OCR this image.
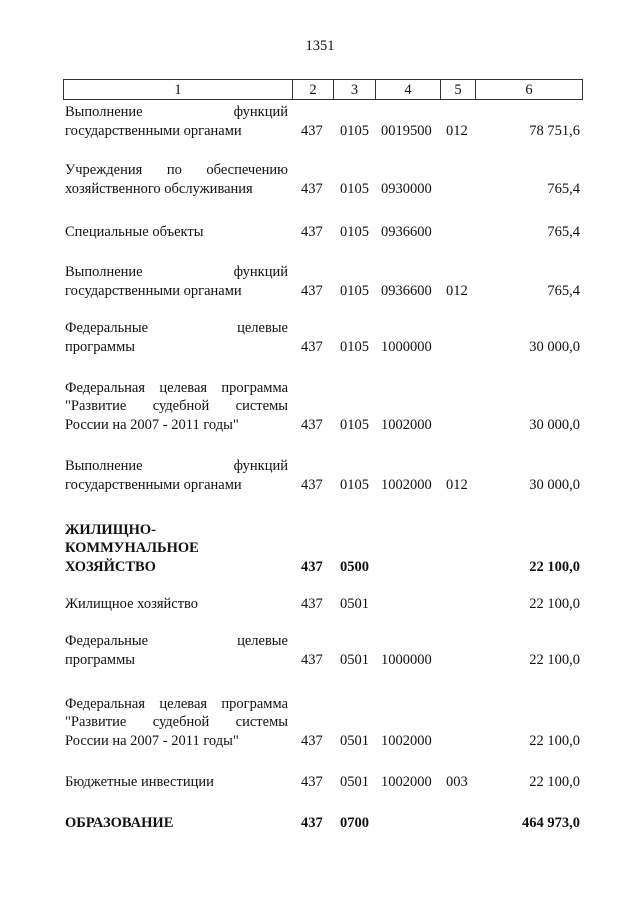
1351
1	2	3	4	5	6
Выполнение функций
государственными органами	437 0105 0019500 012	78 751,6
Учреждения по обеспечению
хозяйственного обслуживания	437 0105 0930000	765,4
Специальные объекты	437 0105 0936600	765,4
Выполнение функций
государственными органами	437 0105 0936600 012	765,4
Федеральные целевые
программы	437 0105 1000000	30 000,0
Федеральная целевая программа
"Развитие судебной системы
России на 2007 - 2011 годы"	437 0105 1002000	30 000,0
Выполнение функций
государственными органами	437 0105 1002000 012	30 000,0
ЖИЛИЩНО-
КОММУНАЛЬНОЕ
ХОЗЯЙСТВО	437 0500	22 100,0
Жилищное хозяйство	437 0501	22 100,0
Федеральные целевые
программы	437 0501 1000000	22 100,0
Федеральная целевая программа
"Развитие судебной системы
России на 2007 - 2011 годы"	437 0501 1002000	22 100,0
Бюджетные инвестиции	437 0501 1002000 003	22 100,0
ОБРАЗОВАНИЕ	437 0700	464 973,0
